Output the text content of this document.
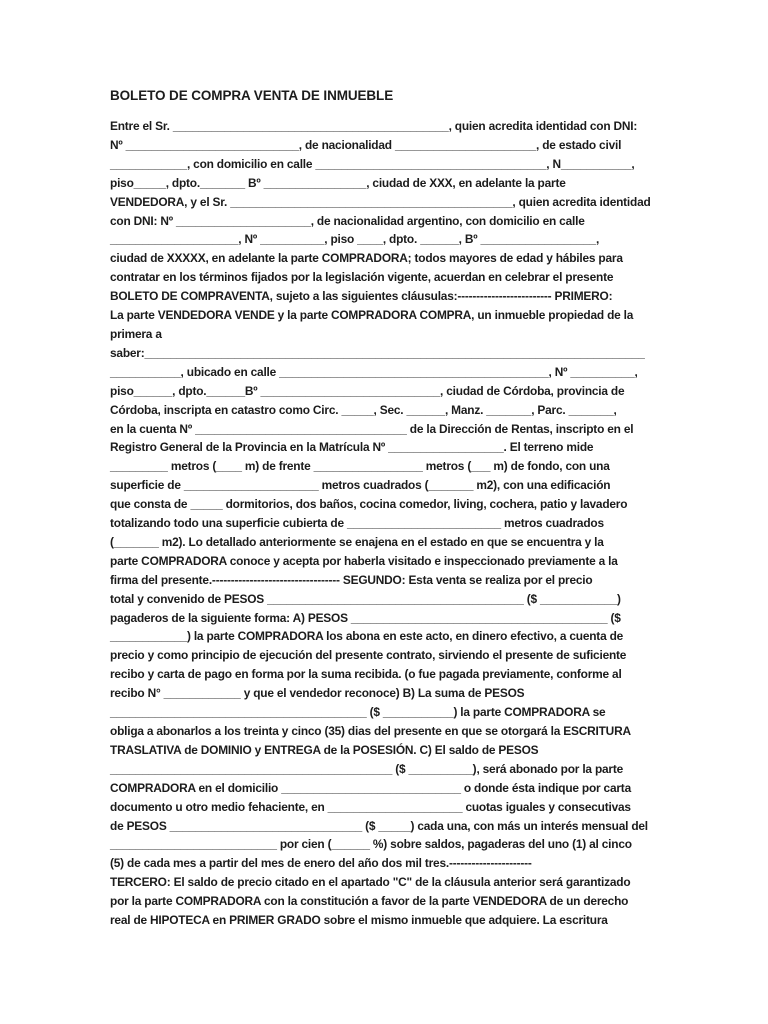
BOLETO DE COMPRA VENTA DE INMUEBLE
Entre el Sr. ___________________________________________, quien acredita identidad con DNI:
Nº ___________________________, de nacionalidad ______________________, de estado civil
____________, con domicilio en calle ____________________________________, N___________,
piso_____, dpto._______ Bº ________________, ciudad de XXX, en adelante la parte
VENDEDORA, y el Sr. ____________________________________________, quien acredita identidad
con DNI: Nº _____________________, de nacionalidad argentino, con domicilio en calle
____________________, Nº __________, piso ____, dpto. ______, Bº __________________,
ciudad de XXXXX, en adelante la parte COMPRADORA; todos mayores de edad y hábiles para
contratar en los términos fijados por la legislación vigente, acuerdan en celebrar el presente
BOLETO DE COMPRAVENTA, sujeto a las siguientes cláusulas:------------------------- PRIMERO:
La parte VENDEDORA VENDE y la parte COMPRADORA COMPRA, un inmueble propiedad de la
primera a
saber:______________________________________________________________________________
___________, ubicado en calle __________________________________________, Nº __________,
piso______, dpto.______Bº ____________________________, ciudad de Córdoba, provincia de
Córdoba, inscripta en catastro como Circ. _____, Sec. ______, Manz. _______, Parc. _______,
en la cuenta Nº _________________________________ de la Dirección de Rentas, inscripto en el
Registro General de la Provincia en la Matrícula Nº __________________. El terreno mide
_________ metros (____ m) de frente _________________ metros (___ m) de fondo, con una
superficie de _____________________ metros cuadrados (_______ m2), con una edificación
que consta de _____ dormitorios, dos baños, cocina comedor, living, cochera, patio y lavadero
totalizando todo una superficie cubierta de ________________________ metros cuadrados
(_______ m2). Lo detallado anteriormente se enajena en el estado en que se encuentra y la
parte COMPRADORA conoce y acepta por haberla visitado e inspeccionado previamente a la
firma del presente.---------------------------------- SEGUNDO: Esta venta se realiza por el precio
total y convenido de PESOS ________________________________________ ($ ____________)
pagaderos de la siguiente forma: A) PESOS ________________________________________ ($
____________) la parte COMPRADORA los abona en este acto, en dinero efectivo, a cuenta de
precio y como principio de ejecución del presente contrato, sirviendo el presente de suficiente
recibo y carta de pago en forma por la suma recibida. (o fue pagada previamente, conforme al
recibo N° ____________ y que el vendedor reconoce) B) La suma de PESOS
________________________________________ ($ ___________) la parte COMPRADORA se
obliga a abonarlos a los treinta y cinco (35) dias del presente en que se otorgará la ESCRITURA
TRASLATIVA de DOMINIO y ENTREGA de la POSESIÓN. C) El saldo de PESOS
____________________________________________ ($ __________), será abonado por la parte
COMPRADORA en el domicilio ____________________________ o donde ésta indique por carta
documento u otro medio fehaciente, en _____________________ cuotas iguales y consecutivas
de PESOS ______________________________ ($ _____) cada una, con más un interés mensual del
__________________________ por cien (______ %) sobre saldos, pagaderas del uno (1) al cinco
(5) de cada mes a partir del mes de enero del año dos mil tres.----------------------
TERCERO: El saldo de precio citado en el apartado "C" de la cláusula anterior será garantizado
por la parte COMPRADORA con la constitución a favor de la parte VENDEDORA de un derecho
real de HIPOTECA en PRIMER GRADO sobre el mismo inmueble que adquiere. La escritura
